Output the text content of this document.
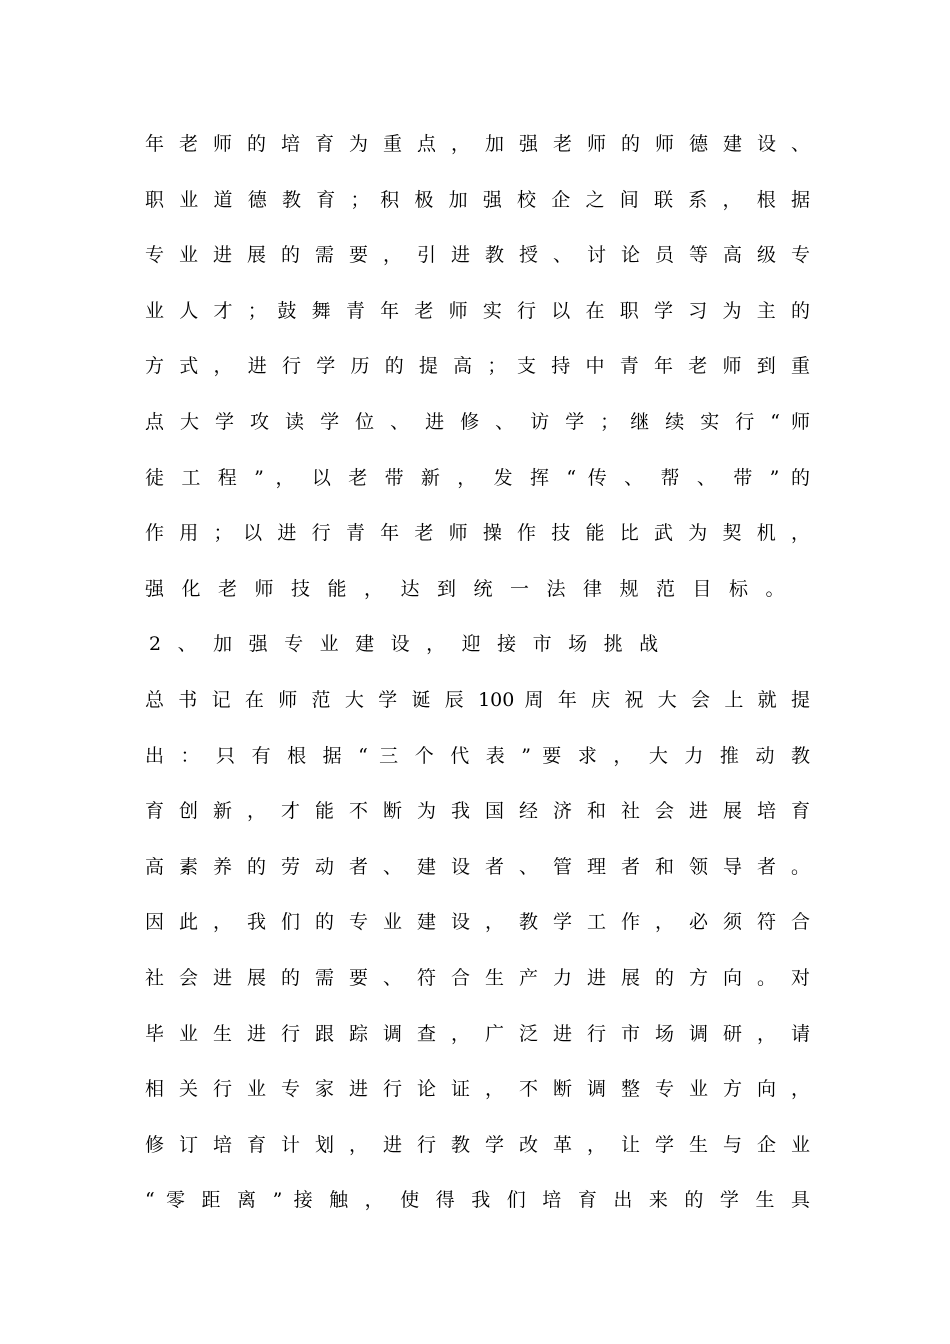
年 老 师 的 培 育 为 重 点 ， 加 强 老 师 的 师 德 建 设 、
职 业 道 德 教 育 ； 积 极 加 强 校 企 之 间 联 系 ， 根 据
专 业 进 展 的 需 要 ， 引 进 教 授 、 讨 论 员 等 高 级 专
业 人 才 ； 鼓 舞 青 年 老 师 实 行 以 在 职 学 习 为 主 的
方 式 ， 进 行 学 历 的 提 高 ； 支 持 中 青 年 老 师 到 重
点 大 学 攻 读 学 位 、 进 修 、 访 学 ； 继 续 实 行 “ 师
徒 工 程 ” ， 以 老 带 新 ， 发 挥 “ 传 、 帮 、 带 ” 的
作 用 ； 以 进 行 青 年 老 师 操 作 技 能 比 武 为 契 机 ，
强化老师技能，达到统一法律规范目标。
2、加强专业建设，迎接市场挑战
总 书 记 在 师 范 大 学 诞 辰 100 周 年 庆 祝 大 会 上 就 提
出 ： 只 有 根 据 “ 三 个 代 表 ” 要 求 ， 大 力 推 动 教
育 创 新 ， 才 能 不 断 为 我 国 经 济 和 社 会 进 展 培 育
高 素 养 的 劳 动 者 、 建 设 者 、 管 理 者 和 领 导 者 。
因 此 ， 我 们 的 专 业 建 设 ， 教 学 工 作 ， 必 须 符 合
社 会 进 展 的 需 要 、 符 合 生 产 力 进 展 的 方 向 。 对
毕 业 生 进 行 跟 踪 调 查 ， 广 泛 进 行 市 场 调 研 ， 请
相 关 行 业 专 家 进 行 论 证 ， 不 断 调 整 专 业 方 向 ，
修 订 培 育 计 划 ， 进 行 教 学 改 革 ， 让 学 生 与 企 业
“ 零 距 离 ” 接 触 ， 使 得 我 们 培 育 出 来 的 学 生 具
